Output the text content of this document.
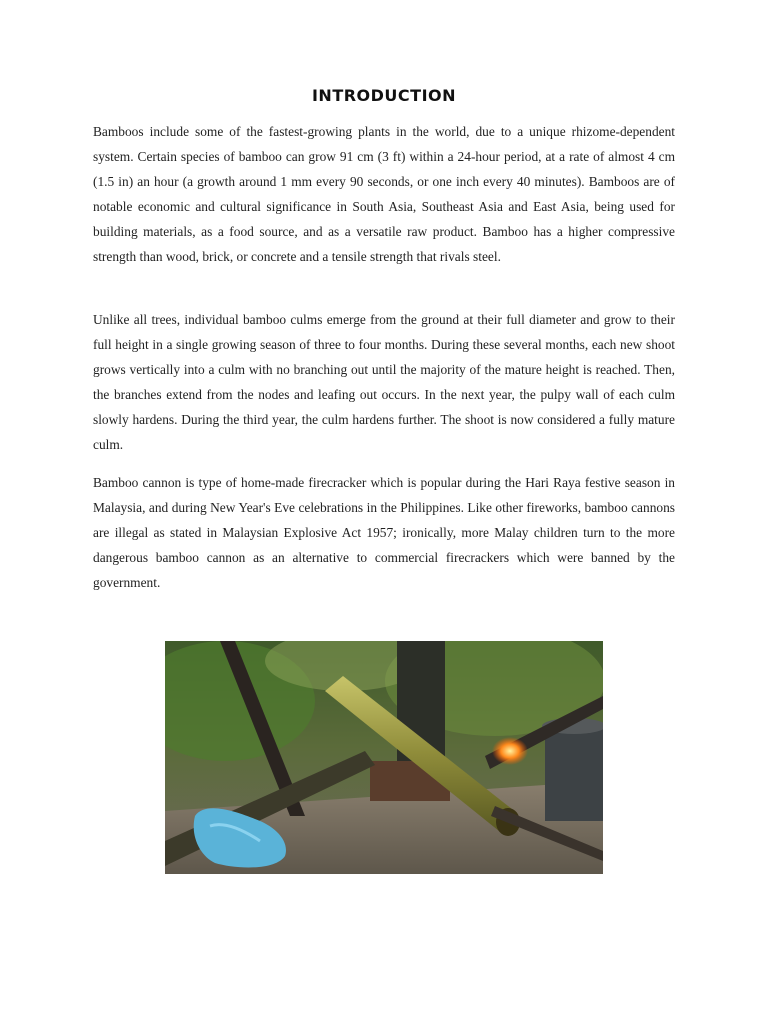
INTRODUCTION

Bamboos include some of the fastest-growing plants in the world, due to a unique rhizome-dependent system. Certain species of bamboo can grow 91 cm (3 ft) within a 24-hour period, at a rate of almost 4 cm (1.5 in) an hour (a growth around 1 mm every 90 seconds, or one inch every 40 minutes). Bamboos are of notable economic and cultural significance in South Asia, Southeast Asia and East Asia, being used for building materials, as a food source, and as a versatile raw product. Bamboo has a higher compressive strength than wood, brick, or concrete and a tensile strength that rivals steel.

Unlike all trees, individual bamboo culms emerge from the ground at their full diameter and grow to their full height in a single growing season of three to four months. During these several months, each new shoot grows vertically into a culm with no branching out until the majority of the mature height is reached. Then, the branches extend from the nodes and leafing out occurs. In the next year, the pulpy wall of each culm slowly hardens. During the third year, the culm hardens further. The shoot is now considered a fully mature culm.

Bamboo cannon is type of home-made firecracker which is popular during the Hari Raya festive season in Malaysia, and during New Year's Eve celebrations in the Philippines. Like other fireworks, bamboo cannons are illegal as stated in Malaysian Explosive Act 1957; ironically, more Malay children turn to the more dangerous bamboo cannon as an alternative to commercial firecrackers which were banned by the government.
